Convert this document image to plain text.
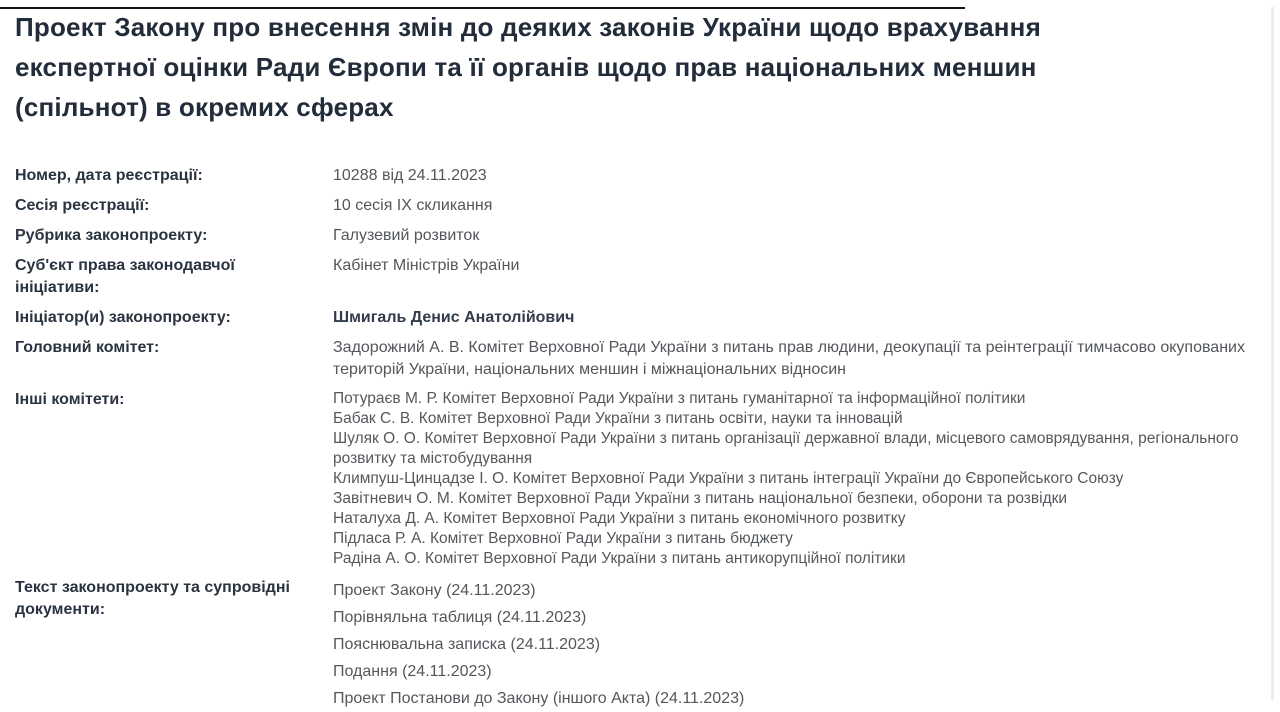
Проект Закону про внесення змін до деяких законів України щодо врахування експертної оцінки Ради Європи та її органів щодо прав національних меншин (спільнот) в окремих сферах
Номер, дата реєстрації:	10288 від 24.11.2023
Сесія реєстрації:	10 сесія IX скликання
Рубрика законопроекту:	Галузевий розвиток
Суб'єкт права законодавчої ініціативи:
Кабінет Міністрів України
Ініціатор(и) законопроекту:	Шмигаль Денис Анатолійович
Головний комітет:	Задорожний А. В. Комітет Верховної Ради України з питань прав людини, деокупації та реінтеграції тимчасово окупованих територій України, національних меншин і міжнаціональних відносин
Інші комітети:	Потураєв М. Р. Комітет Верховної Ради України з питань гуманітарної та інформаційної політики
Бабак С. В. Комітет Верховної Ради України з питань освіти, науки та інновацій
Шуляк О. О. Комітет Верховної Ради України з питань організації державної влади, місцевого самоврядування, регіонального розвитку та містобудування
Климпуш-Цинцадзе І. О. Комітет Верховної Ради України з питань інтеграції України до Європейського Союзу
Завітневич О. М. Комітет Верховної Ради України з питань національної безпеки, оборони та розвідки
Наталуха Д. А. Комітет Верховної Ради України з питань економічного розвитку
Підласа Р. А. Комітет Верховної Ради України з питань бюджету
Радіна А. О. Комітет Верховної Ради України з питань антикорупційної політики
Текст законопроекту та супровідні документи:
Проект Закону (24.11.2023)
Порівняльна таблиця (24.11.2023)
Пояснювальна записка (24.11.2023)
Подання (24.11.2023)
Проект Постанови до Закону (іншого Акта) (24.11.2023)
